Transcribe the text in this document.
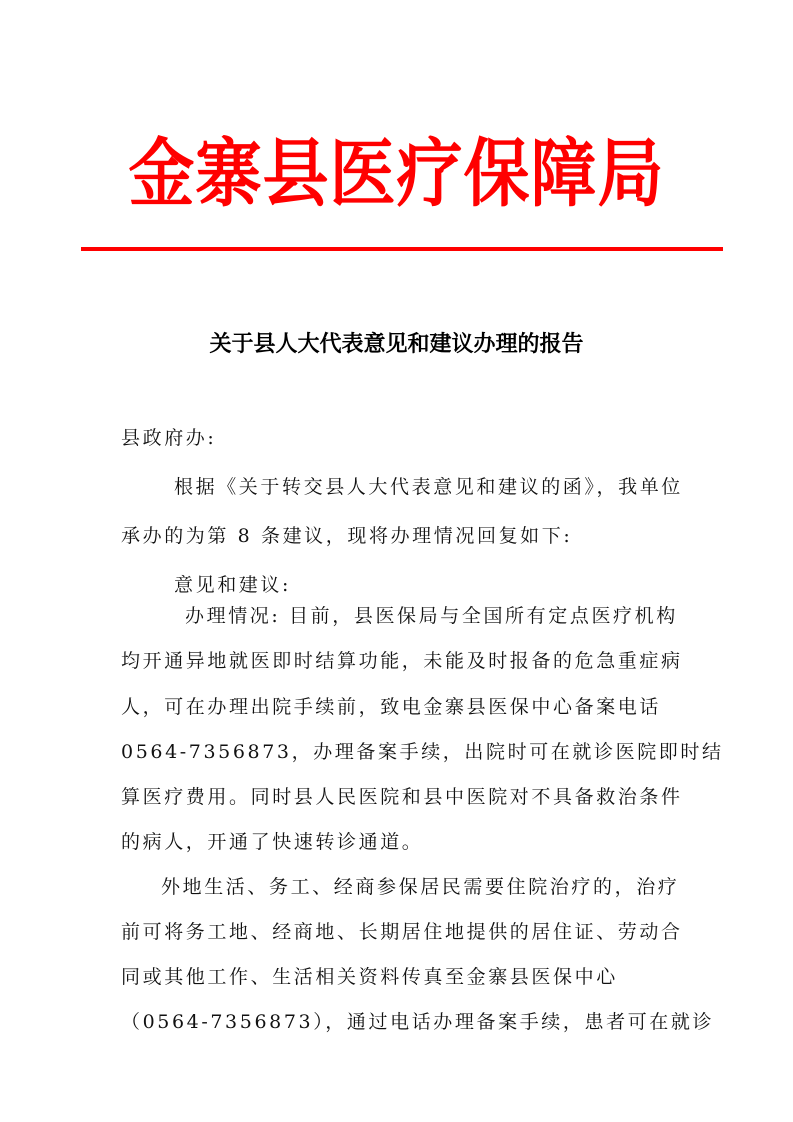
金寨县医疗保障局
关于县人大代表意见和建议办理的报告
县政府办:
根据《关于转交县人大代表意见和建议的函》，我单位
承办的为第 8 条建议，现将办理情况回复如下:
意见和建议:
办理情况: 目前，县医保局与全国所有定点医疗机构
均开通异地就医即时结算功能，未能及时报备的危急重症病
人，可在办理出院手续前，致电金寨县医保中心备案电话
0564-7356873，办理备案手续，出院时可在就诊医院即时结
算医疗费用。同时县人民医院和县中医院对不具备救治条件
的病人，开通了快速转诊通道。
外地生活、务工、经商参保居民需要住院治疗的，治疗
前可将务工地、经商地、长期居住地提供的居住证、劳动合
同或其他工作、生活相关资料传真至金寨县医保中心
（0564-7356873），通过电话办理备案手续，患者可在就诊
